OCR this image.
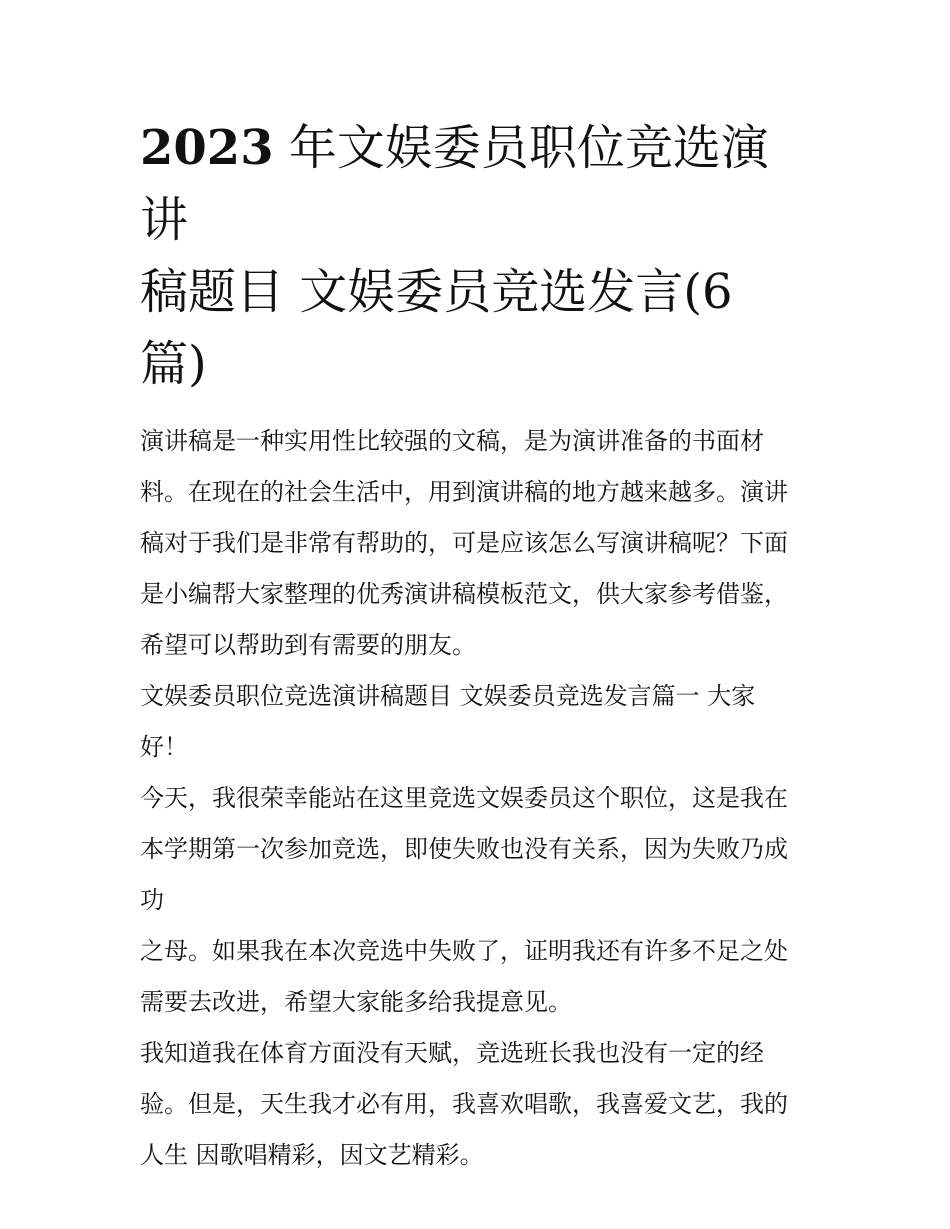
2023 年文娱委员职位竞选演讲
稿题目 文娱委员竞选发言(6
篇)
演讲稿是一种实用性比较强的文稿，是为演讲准备的书面材
料。在现在的社会生活中，用到演讲稿的地方越来越多。演讲
稿对于我们是非常有帮助的，可是应该怎么写演讲稿呢？下面
是小编帮大家整理的优秀演讲稿模板范文，供大家参考借鉴，
希望可以帮助到有需要的朋友。
文娱委员职位竞选演讲稿题目 文娱委员竞选发言篇一 大家
好！
今天，我很荣幸能站在这里竞选文娱委员这个职位，这是我在
本学期第一次参加竞选，即使失败也没有关系，因为失败乃成
功
之母。如果我在本次竞选中失败了，证明我还有许多不足之处
需要去改进，希望大家能多给我提意见。
我知道我在体育方面没有天赋，竞选班长我也没有一定的经
验。但是，天生我才必有用，我喜欢唱歌，我喜爱文艺，我的
人生 因歌唱精彩，因文艺精彩。
